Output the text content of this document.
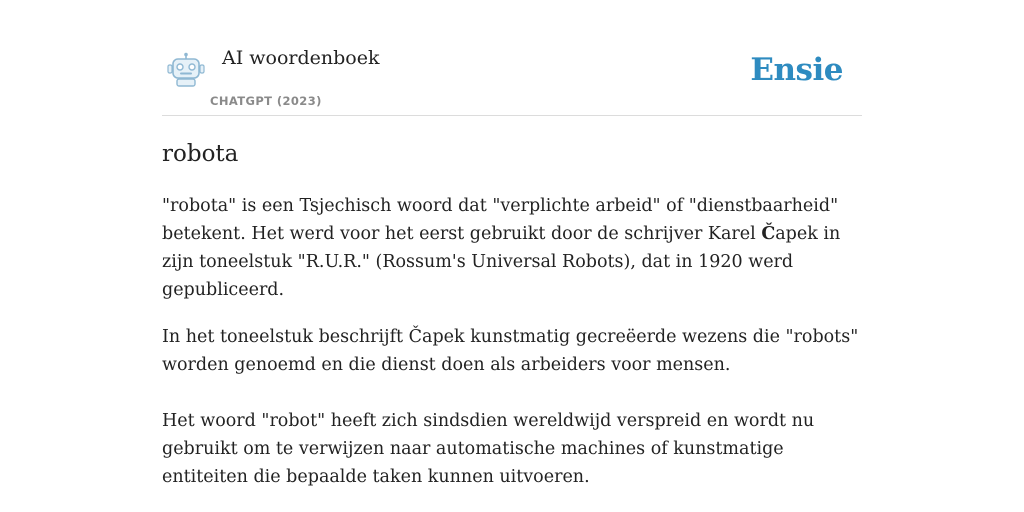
AI woordenboek
CHATGPT (2023)
Ensie
robota

"robota" is een Tsjechisch woord dat "verplichte arbeid" of "dienstbaarheid" betekent. Het werd voor het eerst gebruikt door de schrijver Karel Čapek in zijn toneelstuk "R.U.R." (Rossum's Universal Robots), dat in 1920 werd gepubliceerd.

In het toneelstuk beschrijft Čapek kunstmatig gecreëerde wezens die "robots" worden genoemd en die dienst doen als arbeiders voor mensen.

Het woord "robot" heeft zich sindsdien wereldwijd verspreid en wordt nu gebruikt om te verwijzen naar automatische machines of kunstmatige entiteiten die bepaalde taken kunnen uitvoeren.
